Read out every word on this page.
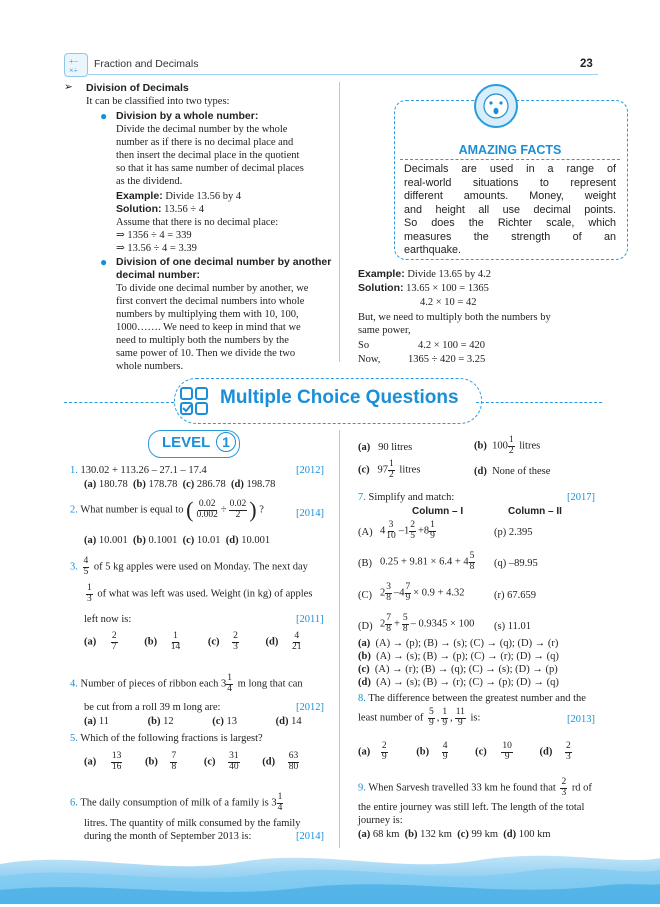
+−
×÷
Fraction and Decimals	23
➢ Division of Decimals
It can be classified into two types:
● Division by a whole number:
Divide the decimal number by the whole
number as if there is no decimal place and
then insert the decimal place in the quotient
so that it has same number of decimal places
as the dividend.
Example: Divide 13.56 by 4
Solution: 13.56 ÷ 4
Assume that there is no decimal place:
⇒ 1356 ÷ 4 = 339
⇒ 13.56 ÷ 4 = 3.39
● Division of one decimal number by another
decimal number:
To divide one decimal number by another, we
first convert the decimal numbers into whole
numbers by multiplying them with 10, 100,
1000……. We need to keep in mind that we
need to multiply both the numbers by the
same power of 10. Then we divide the two
whole numbers.
AMAZING FACTS
Decimals are used in a range of
real-world situations to represent
different amounts. Money, weight
and height all use decimal points.
So does the Richter scale, which
measures the strength of an
earthquake.
Example: Divide 13.65 by 4.2
Solution: 13.65 × 100 = 1365
4.2 × 10 = 42
But, we need to multiply both the numbers by
same power,
So	4.2 × 100 = 420
Now,	1365 ÷ 420 = 3.25
Multiple Choice Questions
LEVEL 1
1. 130.02 + 113.26 – 27.1 – 17.4	[2012]
(a) 180.78 (b) 178.78 (c) 286.78 (d) 198.78
2. What number is equal to ( $\frac{0.02}{0.002} \div \frac{0.02}{2}$ ) ?	[2014]
(a) 10.001 (b) 0.1001 (c) 10.01 (d) 10.001
3. $\frac{4}{5}$ of 5 kg apples were used on Monday. The next day
$\frac{1}{3}$ of what was left was used. Weight (in kg) of apples
left now is:	[2011]
$(a) \frac{2}{7}$	$(b) \frac{1}{14}$	$(c) \frac{2}{3}$	$(d) \frac{4}{21}$
4. Number of pieces of ribbon each $3 \frac{1}{4}$ m long that can
be cut from a roll 39 m long are:	[2012]
(a) 11	(b) 12	(c) 13	(d) 14
5. Which of the following fractions is largest?
$(a) \frac{13}{16} (b) \frac{7}{8}$	$(c) \frac{31}{40} (d) \frac{63}{80}$
6. The daily consumption of milk of a family is $3 \frac{1}{4}$
litres. The quantity of milk consumed by the family
during the month of September 2013 is:	[2014]
(a) 90 litres	(b) $100 \frac{1}{2}$ litres
(c) $97 \frac{1}{2}$ litres	(d) None of these
7. Simplify and match:	[2017]
Column – I	Column – II
(A) $4 \frac{3}{10} -1 \frac{2}{5} +8 \frac{1}{9}$	(p) 2.395
(B) $0.25 + 9.81 \times 6.4 + 4 \frac{5}{8} (q)$ –89.95
(C) $2 \frac{3}{8} -4 \frac{7}{9} \times 0.9 + 4.32$	(r) 67.659
(D) $2 \frac{7}{8} + \frac{5}{8} - 0.9345 \times 100$ (s) 11.01
(a) (A) → (p); (B) → (s); (C) → (q); (D) → (r)
(b) (A) → (s); (B) → (p); (C) → (r); (D) → (q)
(c) (A) → (r); (B) → (q); (C) → (s); (D) → (p)
(d) (A) → (s); (B) → (r); (C) → (p); (D) → (q)
8. The difference between the greatest number and the
least number of $\frac{5}{9}$ , $\frac{1}{9}$ , $\frac{11}{9}$ is:	[2013]
$(a) \frac{2}{9}$	$(b) \frac{4}{9}$	$(c) \frac{10}{9}$	$(d) \frac{2}{3}$
9. When Sarvesh travelled 33 km he found that $\frac{2}{3}$ rd of
the entire journey was still left. The length of the total
journey is:
(a) 68 km (b) 132 km (c) 99 km (d) 100 km
